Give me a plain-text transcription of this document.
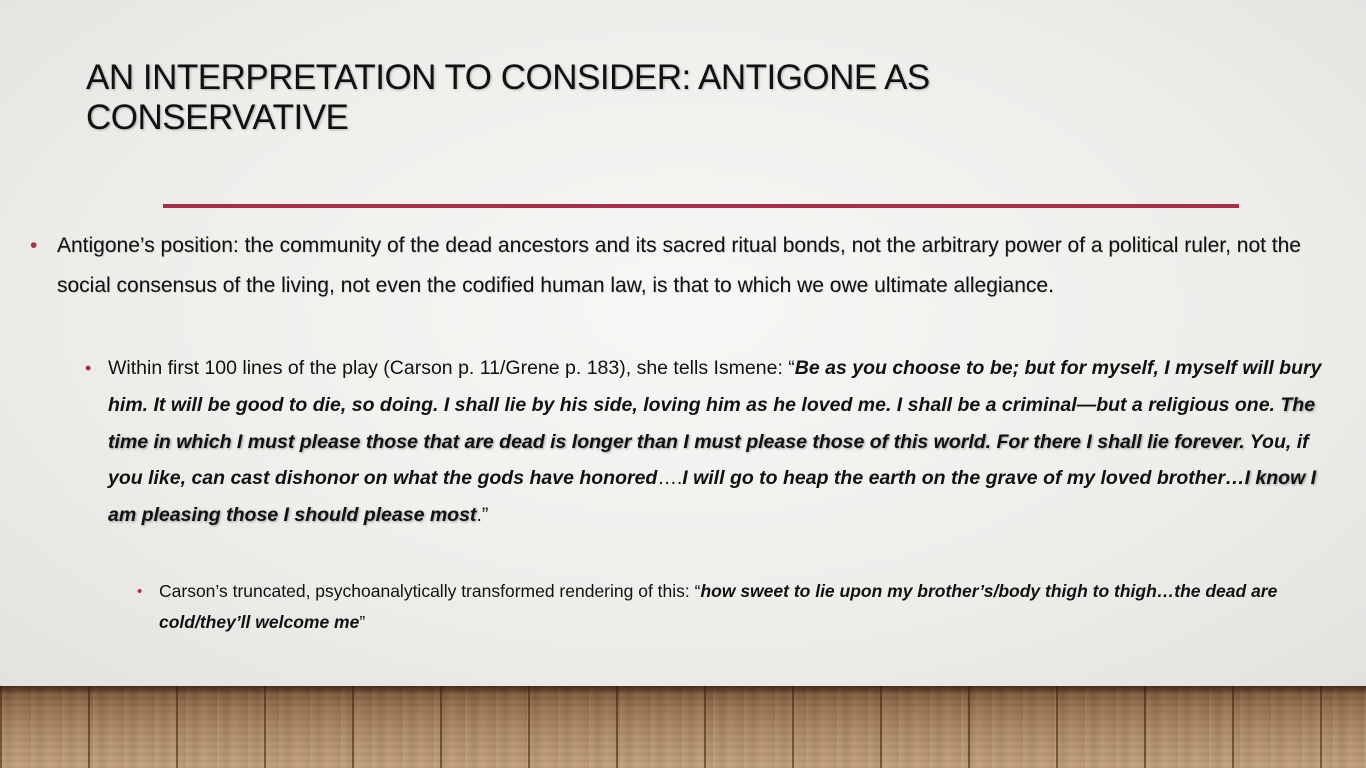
AN INTERPRETATION TO CONSIDER: ANTIGONE AS
CONSERVATIVE
• Antigone’s position: the community of the dead ancestors and its sacred ritual bonds, not the arbitrary power of a political ruler, not the social consensus of the living, not even the codified human law, is that to which we owe ultimate allegiance.
• Within first 100 lines of the play (Carson p. 11/Grene p. 183), she tells Ismene: “Be as you choose to be; but for myself, I myself will bury him. It will be good to die, so doing. I shall lie by his side, loving him as he loved me. I shall be a criminal—but a religious one. The time in which I must please those that are dead is longer than I must please those of this world. For there I shall lie forever. You, if you like, can cast dishonor on what the gods have honored….I will go to heap the earth on the grave of my loved brother…I know I am pleasing those I should please most.”
• Carson’s truncated, psychoanalytically transformed rendering of this: “how sweet to lie upon my brother’s/body thigh to thigh…the dead are cold/they’ll welcome me”
